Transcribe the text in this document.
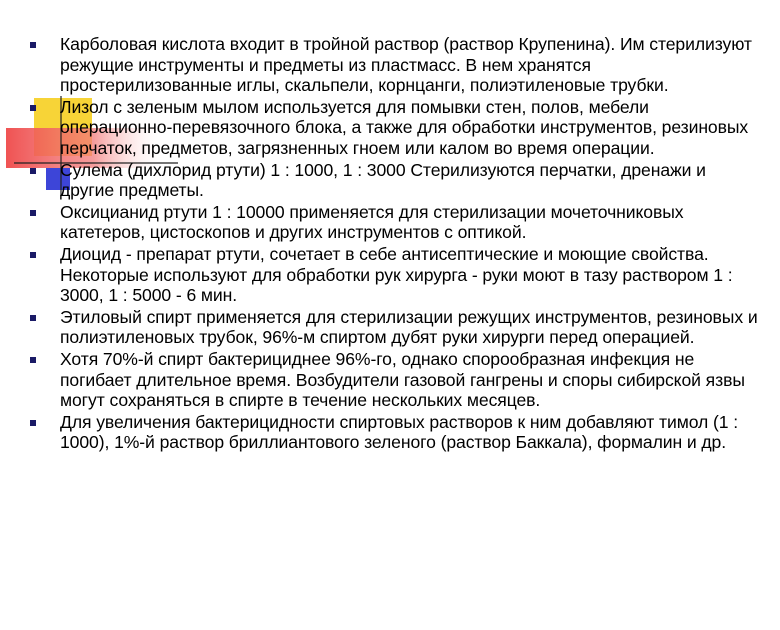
Карболовая кислота входит в тройной раствор (раствор Крупенина). Им стерилизуют режущие инструменты и предметы из пластмасс. В нем хранятся простерилизованные иглы, скальпели, корнцанги, полиэтиленовые трубки.
Лизол с зеленым мылом используется для помывки стен, полов, мебели операционно-перевязочного блока, а также для обработки инструментов, резиновых перчаток, предметов, загрязненных гноем или калом во время операции.
Сулема (дихлорид ртути) 1 : 1000, 1 : 3000 Стерилизуются перчатки, дренажи и другие предметы.
Оксицианид ртути 1 : 10000 применяется для стерилизации мочеточниковых катетеров, цистоскопов и других инструментов с оптикой.
Диоцид - препарат ртути, сочетает в себе антисептические и моющие свойства. Некоторые используют для обработки рук хирурга - руки моют в тазу раствором 1 : 3000, 1 : 5000 - 6 мин.
Этиловый спирт применяется для стерилизации режущих инструментов, резиновых и полиэтиленовых трубок, 96%-м спиртом дубят руки хирурги перед операцией.
Хотя 70%-й спирт бактерициднее 96%-го, однако спорообразная инфекция не погибает длительное время. Возбудители газовой гангрены и споры сибирской язвы могут сохраняться в спирте в течение нескольких месяцев.
Для увеличения бактерицидности спиртовых растворов к ним добавляют тимол (1 : 1000), 1%-й раствор бриллиантового зеленого (раствор Баккала), формалин и др.
